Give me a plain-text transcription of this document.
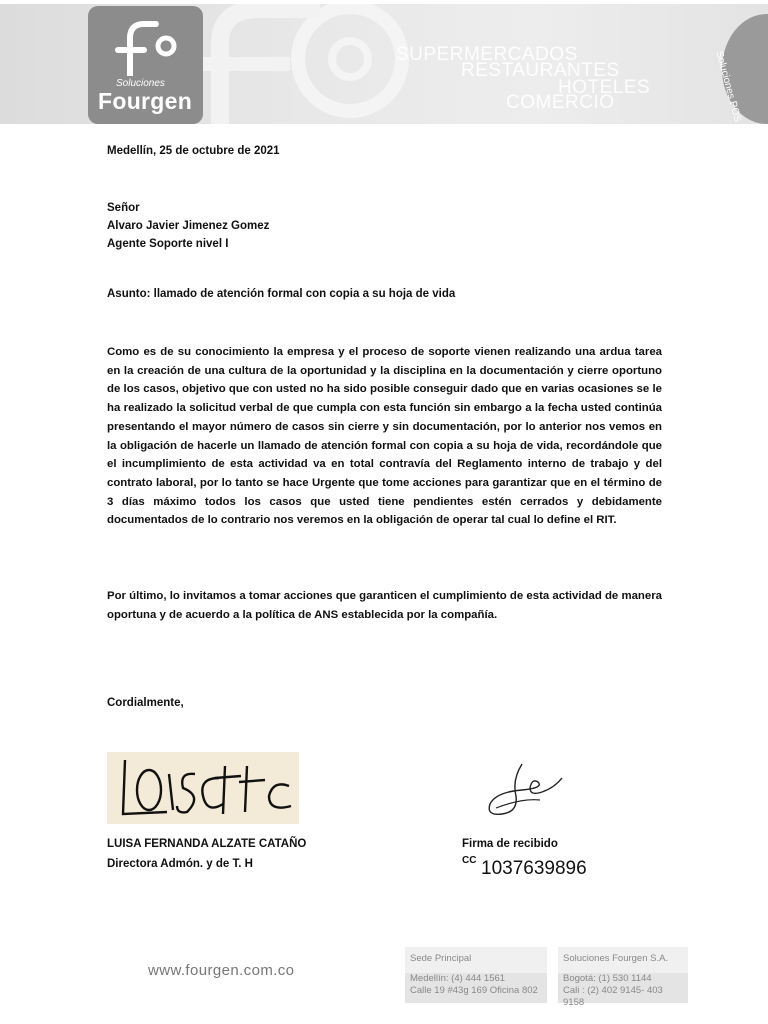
Soluciones
Fourgen
SUPERMERCADOS
RESTAURANTES
HOTELES
COMERCIO	Soluciones POS

Medellín, 25 de octubre de 2021

Señor

Alvaro Javier Jimenez Gomez

Agente Soporte nivel I

Asunto: llamado de atención formal con copia a su hoja de vida

Como es de su conocimiento la empresa y el proceso de soporte vienen realizando una ardua tarea en la creación de una cultura de la oportunidad y la disciplina en la documentación y cierre oportuno de los casos, objetivo que con usted no ha sido posible conseguir dado que en varias ocasiones se le ha realizado la solicitud verbal de que cumpla con esta función sin embargo a la fecha usted continúa presentando el mayor número de casos sin cierre y sin documentación, por lo anterior nos vemos en la obligación de hacerle un llamado de atención formal con copia a su hoja de vida, recordándole que el incumplimiento de esta actividad va en total contravía del Reglamento interno de trabajo y del contrato laboral, por lo tanto se hace Urgente que tome acciones para garantizar que en el término de 3 días máximo todos los casos que usted tiene pendientes estén cerrados y debidamente documentados de lo contrario nos veremos en la obligación de operar tal cual lo define el RIT.

Por último, lo invitamos a tomar acciones que garanticen el cumplimiento de esta actividad de manera oportuna y de acuerdo a la política de ANS establecida por la compañía.

Cordialmente,

LUISA FERNANDA ALZATE CATAÑO

Directora Admón. y de T. H

Firma de recibido

CC 1037639896

www.fourgen.com.co
Sede Principal
Medellín: (4) 444 1561
Calle 19 #43g 169 Oficina 802
Soluciones Fourgen S.A.
Bogotá: (1) 530 1144
Cali : (2) 402 9145- 403 9158
